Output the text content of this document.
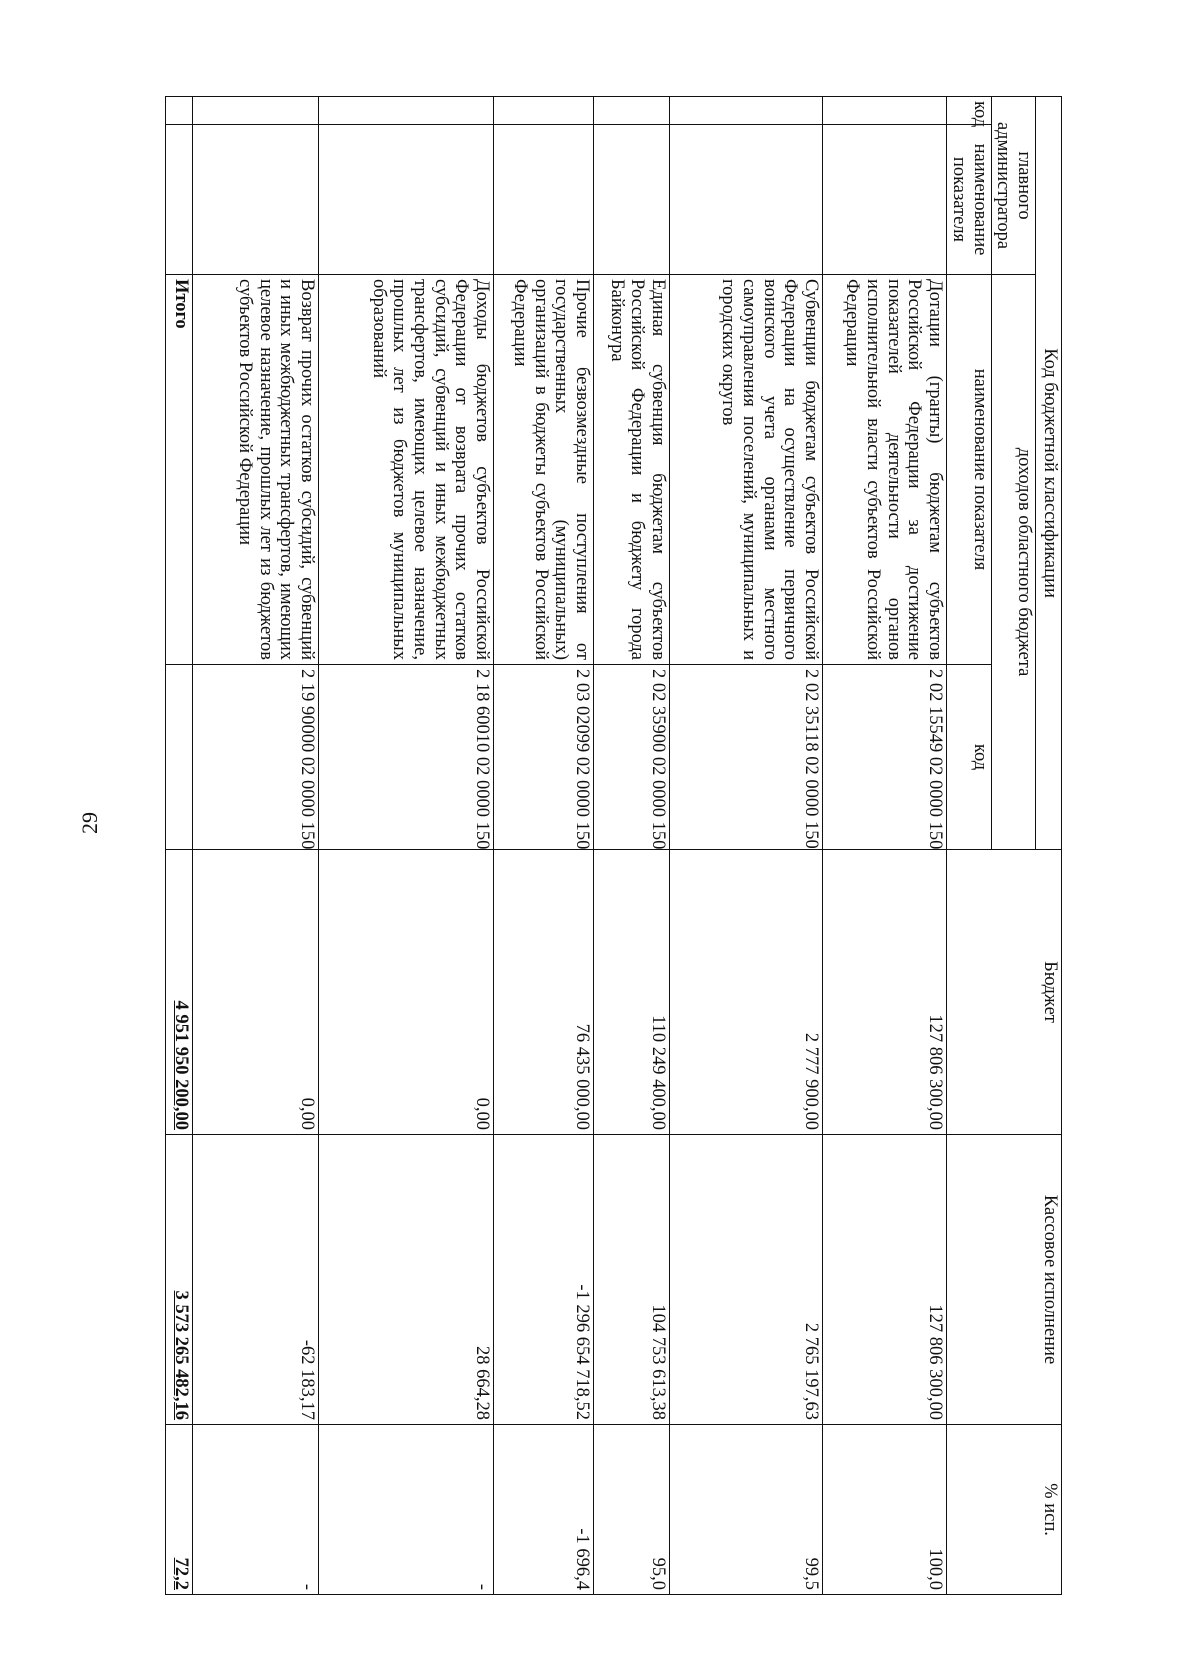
29
Код бюджетной классификации				Бюджет	Кассовое исполнение	% исп.
главного администратора		доходов областного бюджета				
код	наименование показателя	наименование показателя	код			
		Дотации (гранты) бюджетам субъектов Российской Федерации за достижение показателей деятельности органов исполнительной власти субъектов Российской Федерации	2 02 15549 02 0000 150	127 806 300,00	127 806 300,00	100,0
		Субвенции бюджетам субъектов Российской Федерации на осуществление первичного воинского учета органами местного самоуправления поселений, муниципальных и городских округов	2 02 35118 02 0000 150	2 777 900,00	2 765 197,63	99,5
		Единая субвенция бюджетам субъектов Российской Федерации и бюджету города Байконура	2 02 35900 02 0000 150	110 249 400,00	104 753 613,38	95,0
		Прочие безвозмездные поступления от государственных (муниципальных) организаций в бюджеты субъектов Российской Федерации	2 03 02099 02 0000 150	76 435 000,00	-1 296 654 718,52	-1 696,4
		Доходы бюджетов субъектов Российской Федерации от возврата прочих остатков субсидий, субвенций и иных межбюджетных трансфертов, имеющих целевое назначение, прошлых лет из бюджетов муниципальных образований	2 18 60010 02 0000 150	0,00	28 664,28	-
		Возврат прочих остатков субсидий, субвенций и иных межбюджетных трансфертов, имеющих целевое назначение, прошлых лет из бюджетов субъектов Российской Федерации	2 19 90000 02 0000 150	0,00	-62 183,17	-
		Итого		4 951 950 200,00	3 573 265 482,16	72,2
